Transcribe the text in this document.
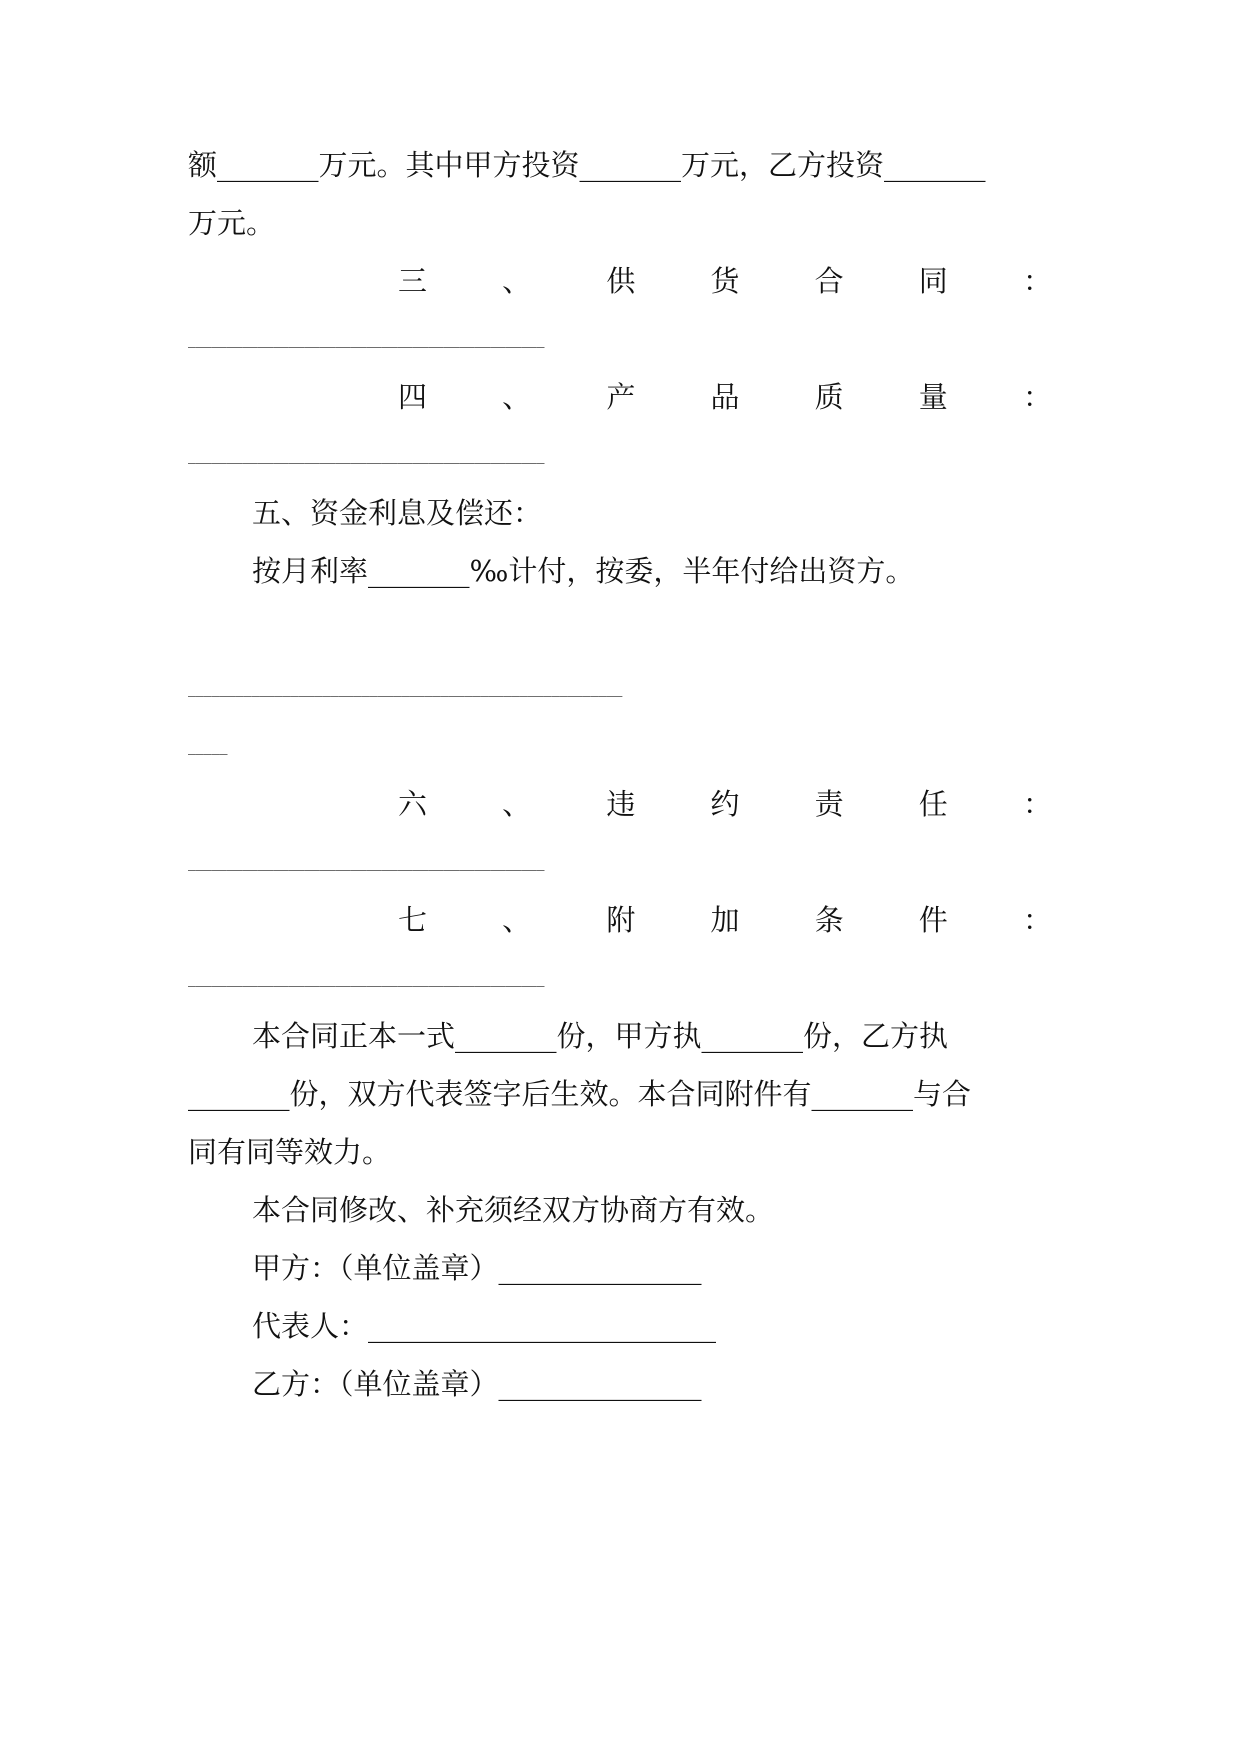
额_______万元。其中甲方投资_______万元，乙方投资_______
万元。
三	、	供	货	合	同	：
______________________________________________
四	、	产	品	质	量	：
______________________________________________
五、资金利息及偿还：
按月利率_______‰计付，按委，半年付给出资方。
_______________________________________________________
_____
六	、	违	约	责	任	：
______________________________________________
七	、	附	加	条	件	：
______________________________________________
本合同正本一式_______份，甲方执_______份，乙方执
_______份，双方代表签字后生效。本合同附件有_______与合
同有同等效力。
本合同修改、补充须经双方协商方有效。
甲方：（单位盖章）______________
代表人：________________________
乙方：（单位盖章）______________
